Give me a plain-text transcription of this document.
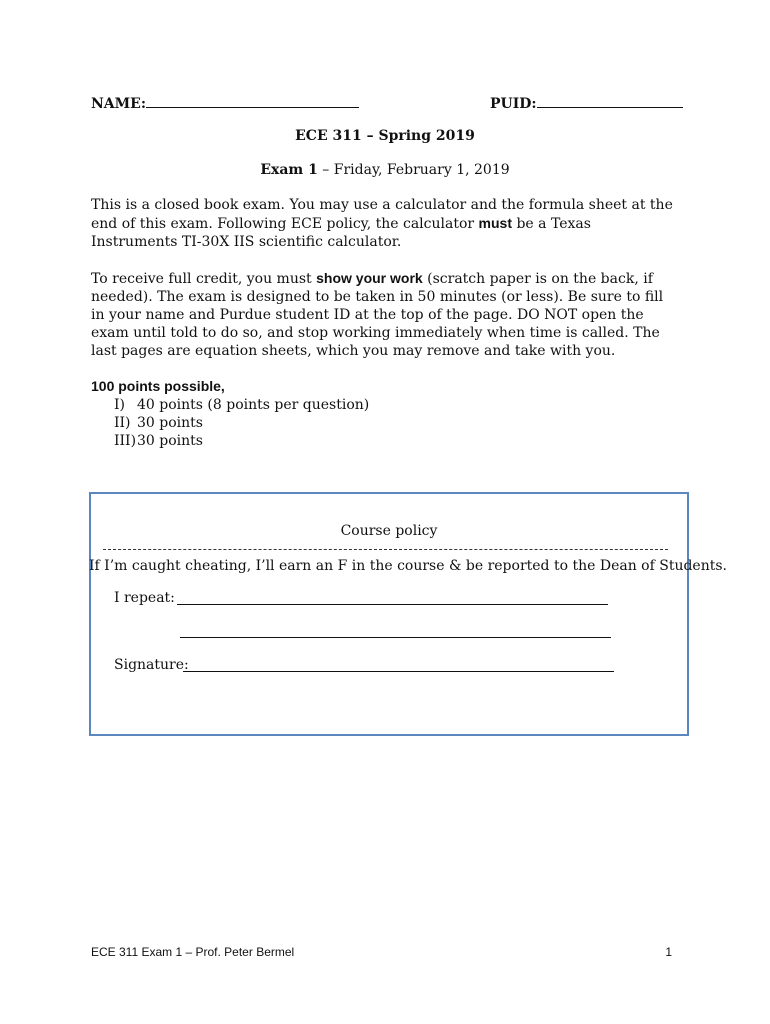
NAME:	PUID:
ECE 311 – Spring 2019
Exam 1 – Friday, February 1, 2019

This is a closed book exam. You may use a calculator and the formula sheet at the end of this exam. Following ECE policy, the calculator must be a Texas Instruments TI-30X IIS scientific calculator.

To receive full credit, you must show your work (scratch paper is on the back, if needed). The exam is designed to be taken in 50 minutes (or less). Be sure to fill in your name and Purdue student ID at the top of the page. DO NOT open the exam until told to do so, and stop working immediately when time is called. The last pages are equation sheets, which you may remove and take with you.

100 points possible,
I) 40 points (8 points per question)
II) 30 points
III)30 points
Course policy
If I’m caught cheating, I’ll earn an F in the course & be reported to the Dean of Students.
I repeat:
Signature:
ECE 311 Exam 1 – Prof. Peter Bermel	1
